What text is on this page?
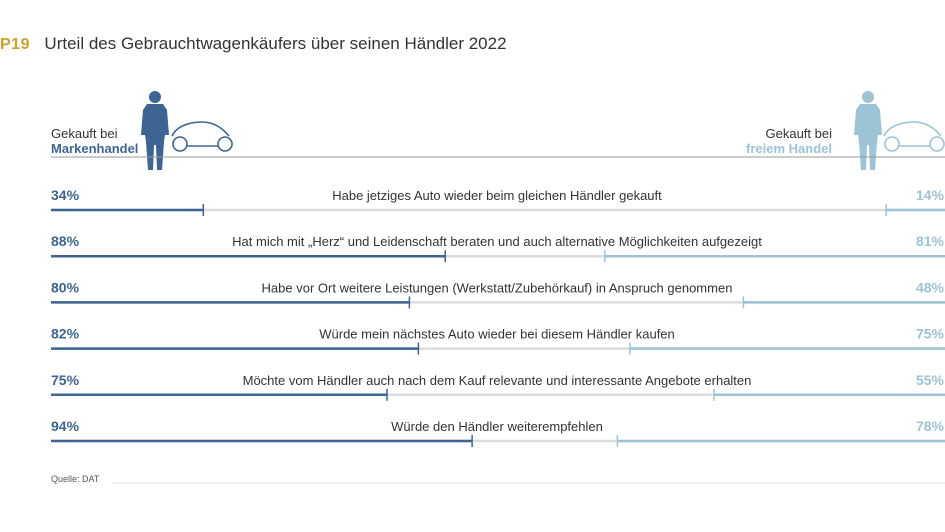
P19 Urteil des Gebrauchtwagenkäufers über seinen Händler 2022
34%	14%
Habe jetziges Auto wieder beim gleichen Händler gekauft
88%	81%
Hat mich mit „Herz“ und Leidenschaft beraten und auch alternative Möglichkeiten aufgezeigt
80%	48%
Habe vor Ort weitere Leistungen (Werkstatt/Zubehörkauf) in Anspruch genommen
82%	75%
Würde mein nächstes Auto wieder bei diesem Händler kaufen
75%	55%
Möchte vom Händler auch nach dem Kauf relevante und interessante Angebote erhalten
94%	78%
Würde den Händler weiterempfehlen
Gekauft bei
Markenhandel
Gekauft bei
freiem Handel
Quelle: DAT
